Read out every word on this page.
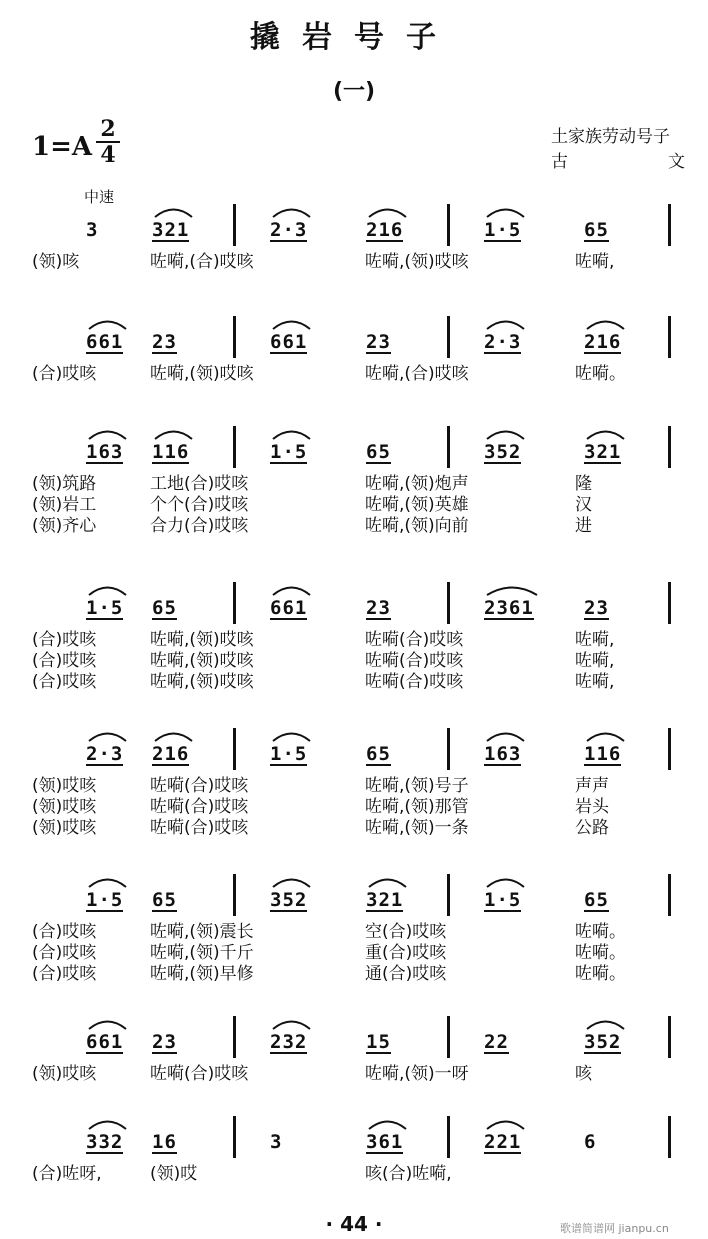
撬岩号子
(一)
1=A
2
4
土家族劳动号子
古	文
中速
3	321	2·3	216	1·5	65
(领)咳	咗嗬,(合)哎咳	咗嗬,(领)哎咳	咗嗬,
661 23	661	23	2·3	216
(合)哎咳	咗嗬,(领)哎咳	咗嗬,(合)哎咳	咗嗬。
163 116	1·5	65	352	321
(领)筑路	工地(合)哎咳	咗嗬,(领)炮声	隆
(领)岩工	个个(合)哎咳	咗嗬,(领)英雄	汉
(领)齐心	合力(合)哎咳	咗嗬,(领)向前	进
1·5 65	661	23	2361	23
(合)哎咳	咗嗬,(领)哎咳	咗嗬(合)哎咳	咗嗬,
(合)哎咳	咗嗬,(领)哎咳	咗嗬(合)哎咳	咗嗬,
(合)哎咳	咗嗬,(领)哎咳	咗嗬(合)哎咳	咗嗬,
2·3 216	1·5	65	163	116
(领)哎咳	咗嗬(合)哎咳	咗嗬,(领)号子	声声
(领)哎咳	咗嗬(合)哎咳	咗嗬,(领)那管	岩头
(领)哎咳	咗嗬(合)哎咳	咗嗬,(领)一条	公路
1·5 65	352	321	1·5	65
(合)哎咳	咗嗬,(领)震长	空(合)哎咳	咗嗬。
(合)哎咳	咗嗬,(领)千斤	重(合)哎咳	咗嗬。
(合)哎咳	咗嗬,(领)早修	通(合)哎咳	咗嗬。
661 23	232	15	22	352
(领)哎咳	咗嗬(合)哎咳	咗嗬,(领)一呀	咳
332 16	3	361	221	6
(合)咗呀,	(领)哎	咳(合)咗嗬,
· 44 ·	歌谱简谱网 jianpu.cn
